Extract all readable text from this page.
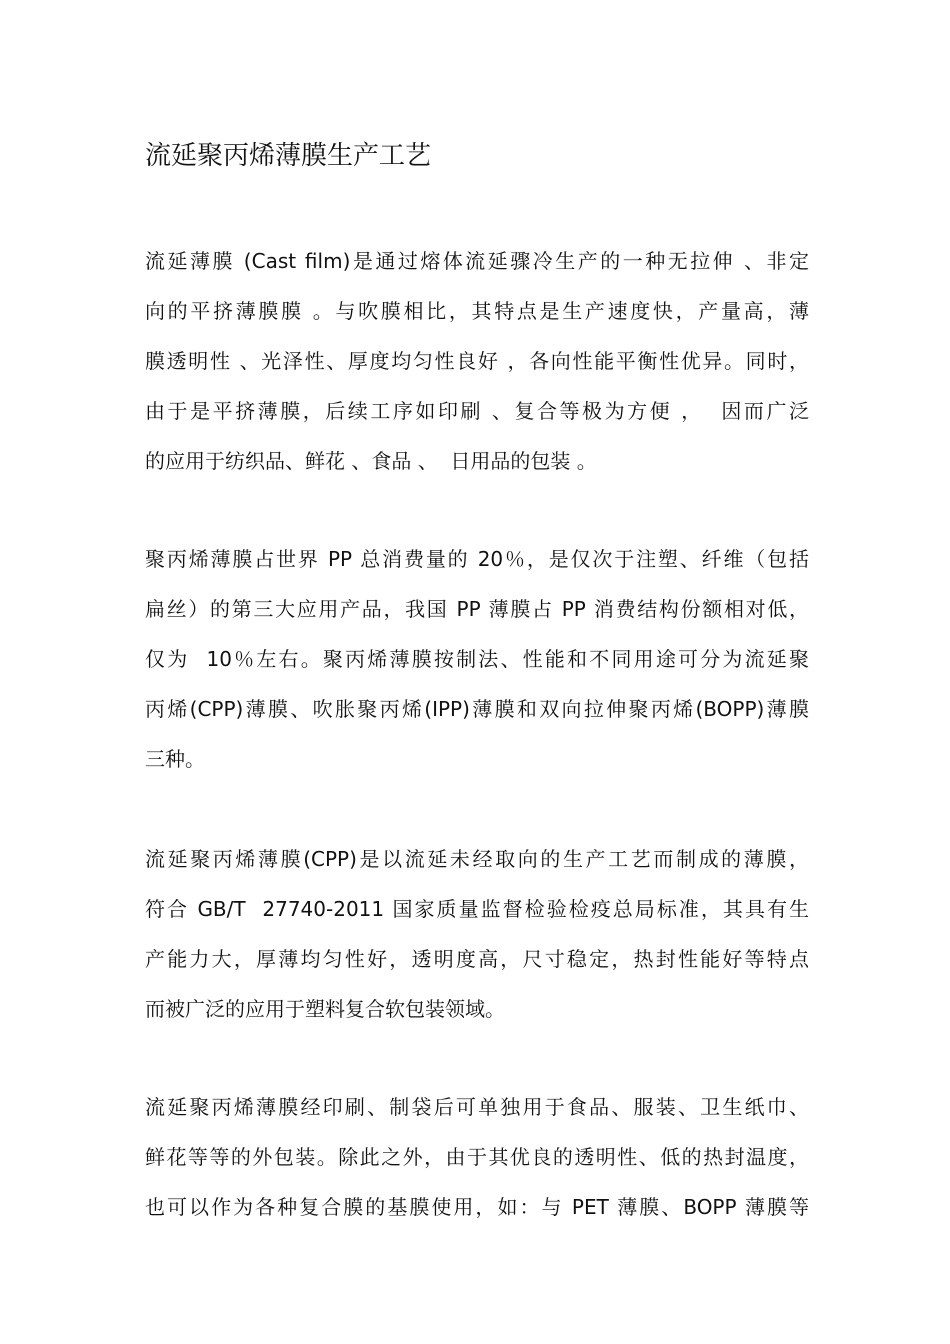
流延聚丙烯薄膜生产工艺
流延薄膜 (Cast film)是通过熔体流延骤冷生产的一种无拉伸 、非定
向的平挤薄膜膜 。与吹膜相比，其特点是生产速度快，产量高，薄
膜透明性 、光泽性、厚度均匀性良好 ，各向性能平衡性优异。同时，
由于是平挤薄膜，后续工序如印刷 、复合等极为方便 ，  因而广泛
的应用于纺织品、鲜花 、食品 、  日用品的包装 。
聚丙烯薄膜占世界 PP 总消费量的 20％，是仅次于注塑、纤维（包括
扁丝）的第三大应用产品，我国 PP 薄膜占 PP 消费结构份额相对低，
仅为  10％左右。聚丙烯薄膜按制法、性能和不同用途可分为流延聚
丙烯(CPP)薄膜、吹胀聚丙烯(IPP)薄膜和双向拉伸聚丙烯(BOPP)薄膜
三种。
流延聚丙烯薄膜(CPP)是以流延未经取向的生产工艺而制成的薄膜，
符合 GB/T  27740-2011 国家质量监督检验检疫总局标准，其具有生
产能力大，厚薄均匀性好，透明度高，尺寸稳定，热封性能好等特点
而被广泛的应用于塑料复合软包装领域。
流延聚丙烯薄膜经印刷、制袋后可单独用于食品、服装、卫生纸巾、
鲜花等等的外包装。除此之外，由于其优良的透明性、低的热封温度，
也可以作为各种复合膜的基膜使用，如：与 PET 薄膜、BOPP 薄膜等
